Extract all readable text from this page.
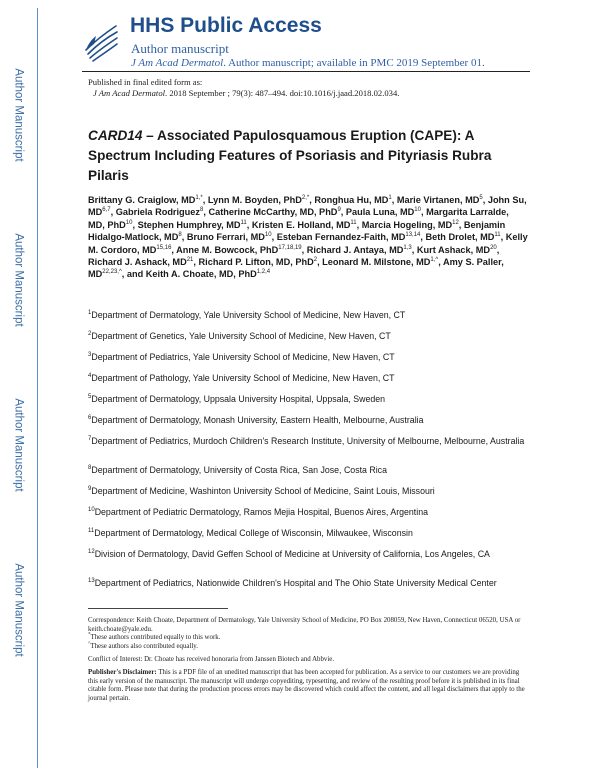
Author Manuscript
Author Manuscript
Author Manuscript
Author Manuscript
HHS Public Access
Author manuscript
J Am Acad Dermatol. Author manuscript; available in PMC 2019 September 01.
Published in final edited form as:
J Am Acad Dermatol. 2018 September ; 79(3): 487–494. doi:10.1016/j.jaad.2018.02.034.
CARD14 – Associated Papulosquamous Eruption (CAPE): A Spectrum Including Features of Psoriasis and Pityriasis Rubra Pilaris
Brittany G. Craiglow, $MD^{1,*}$, Lynn M. Boyden, PhD$^{2,*}$, Ronghua Hu, $MD^1$, Marie Virtanen, $MD^5$, John Su, MD$^{6,7}$, Gabriela Rodriguez$^8$, Catherine McCarthy, MD, PhD$^9$, Paula Luna, MD$^{10}$, Margarita Larralde, MD, PhD$^{10}$, Stephen Humphrey, MD$^{11}$, Kristen E. Holland, MD$^{11}$, Marcia Hogeling, MD$^{12}$, Benjamin Hidalgo-Matlock, $MD^8$, Bruno Ferrari, MD$^{10}$, Esteban Fernandez-Faith, MD$^{13,14}$, Beth Drolet, MD$^{11}$, Kelly M. Cordoro, MD$^{15,16}$, Anne M. Bowcock, PhD$^{17,18,19}$, Richard J. Antaya, MD$^{1,3}$, Kurt Ashack, MD$^{20}$, Richard J. Ashack, MD$^{21}$, Richard P. Lifton, MD, PhD$^2$, Leonard M. Milstone, $MD^{1,\^{}}$, Amy S. Paller, $MD^{22,23,\^{}}$, and Keith A. Choate, MD, PhD$^{1,2,4}$
$^1$Department of Dermatology, Yale University School of Medicine, New Haven, CT
$^2$Department of Genetics, Yale University School of Medicine, New Haven, CT
$^3$Department of Pediatrics, Yale University School of Medicine, New Haven, CT
$^4$Department of Pathology, Yale University School of Medicine, New Haven, CT
$^5$Department of Dermatology, Uppsala University Hospital, Uppsala, Sweden
$^6$Department of Dermatology, Monash University, Eastern Health, Melbourne, Australia
$^7$Department of Pediatrics, Murdoch Children's Research Institute, University of Melbourne, Melbourne, Australia
$^8$Department of Dermatology, University of Costa Rica, San Jose, Costa Rica
$^9$Department of Medicine, Washinton University School of Medicine, Saint Louis, Missouri
$^{10}$Department of Pediatric Dermatology, Ramos Mejia Hospital, Buenos Aires, Argentina
$^{11}$Department of Dermatology, Medical College of Wisconsin, Milwaukee, Wisconsin
$^{12}$Division of Dermatology, David Geffen School of Medicine at University of California, Los Angeles, CA
$^{13}$Department of Pediatrics, Nationwide Children's Hospital and The Ohio State University Medical Center
Correspondence: Keith Choate, Department of Dermatology, Yale University School of Medicine, PO Box 208059, New Haven, Connecticut 06520, USA or keith.choate@yale.edu.
*These authors contributed equally to this work.
^These authors also contributed equally.
Conflict of Interest: Dr. Choate has received honoraria from Janssen Biotech and Abbvie.
Publisher's Disclaimer: This is a PDF file of an unedited manuscript that has been accepted for publication. As a service to our customers we are providing this early version of the manuscript. The manuscript will undergo copyediting, typesetting, and review of the resulting proof before it is published in its final citable form. Please note that during the production process errors may be discovered which could affect the content, and all legal disclaimers that apply to the journal pertain.
